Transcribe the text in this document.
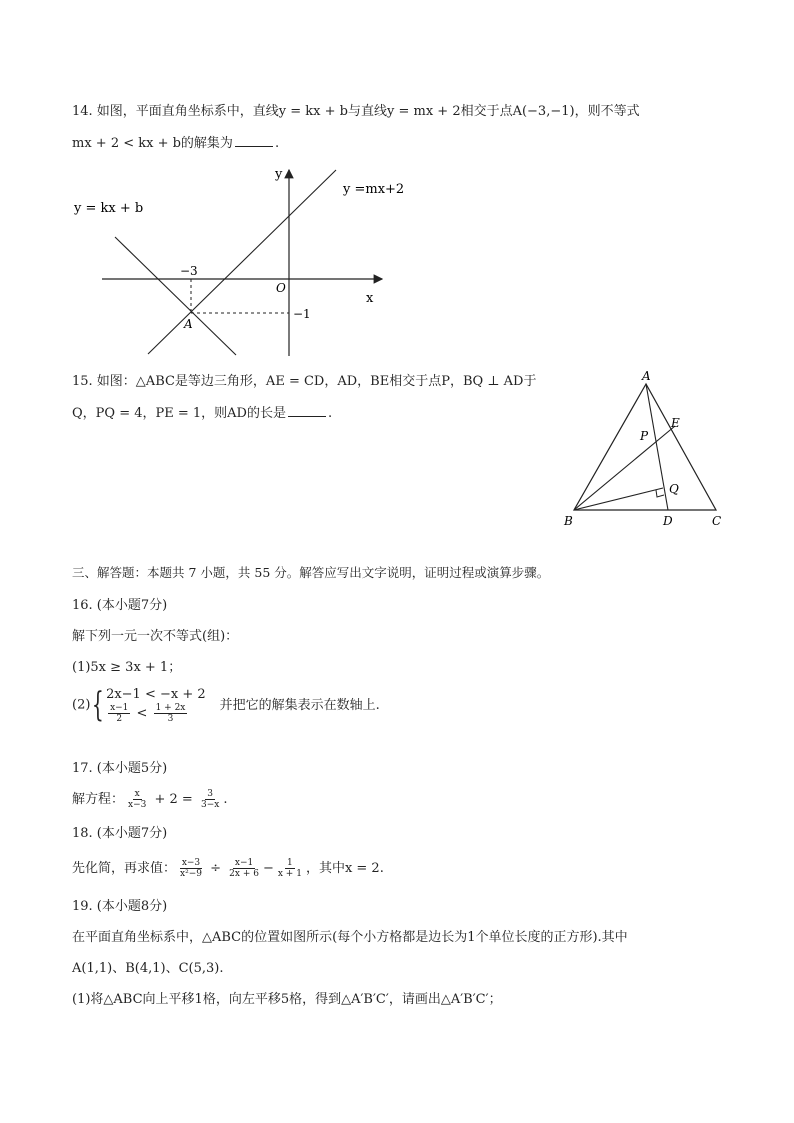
14. 如图，平面直角坐标系中，直线y = kx + b与直线y = mx + 2相交于点A(−3,−1)，则不等式
mx + 2 < kx + b的解集为	.
y = kx + b
y =mx+2
y
x
O
−3
−1
A
15. 如图：△ABC是等边三角形，AE = CD，AD，BE相交于点P，BQ ⊥ AD于
Q，PQ = 4，PE = 1，则AD的长是	.
A
B	C
D
E
P
Q
三、解答题：本题共 7 小题，共 55 分。解答应写出文字说明，证明过程或演算步骤。
16. (本小题7分)
解下列一元一次不等式(组)：
(1)5x ≥ 3x + 1；
(2){ 2x−1 < −x + 2
$\frac{x-1}{2} < \frac{1 + 2x}{3}$ 并把它的解集表示在数轴上.
17. (本小题5分)
解方程： $\frac{x}{x-3} + 2 = \frac{3}{3-x}$ .
18. (本小题7分)
先化简，再求值： $\frac{x-3}{\text{x²−9}} \div \frac{x-1}{2x + 6} - \frac{1}{x + 1}$ ，其中x = 2.
19. (本小题8分)
在平面直角坐标系中，△ABC的位置如图所示(每个小方格都是边长为1个单位长度的正方形).其中
A(1,1)、B(4,1)、C(5,3).
(1)将△ABC向上平移1格，向左平移5格，得到△A′B′C′，请画出△A′B′C′；
